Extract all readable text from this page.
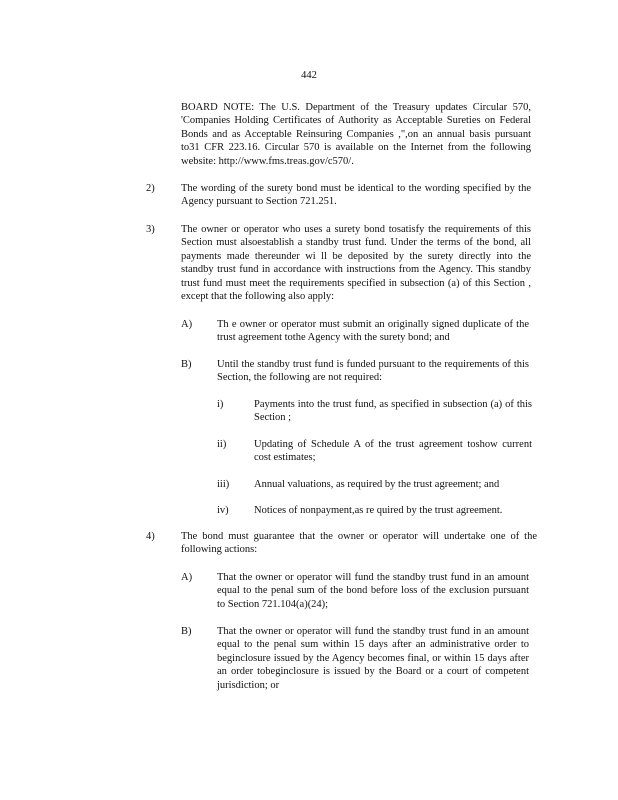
442
BOARD NOTE: The U.S. Department of the Treasury updates Circular 570, 'Companies Holding Certificates of Authority as Acceptable Sureties on Federal Bonds and as Acceptable Reinsuring Companies ,",on an annual basis pursuant to31 CFR 223.16. Circular 570 is available on the Internet from the following website: http://www.fms.treas.gov/c570/.
2)	The wording of the surety bond must be identical to the wording specified by the Agency pursuant to Section 721.251.
3)	The owner or operator who uses a surety bond tosatisfy the requirements of this Section must alsoestablish a standby trust fund. Under the terms of the bond, all payments made thereunder wi ll be deposited by the surety directly into the standby trust fund in accordance with instructions from the Agency. This standby trust fund must meet the requirements specified in subsection (a) of this Section , except that the following also apply:
A) Th e owner or operator must submit an originally signed duplicate of the trust agreement tothe Agency with the surety bond; and
B) Until the standby trust fund is funded pursuant to the requirements of this Section, the following are not required:
i)	Payments into the trust fund, as specified in subsection (a) of this Section ;
ii)	Updating of Schedule A of the trust agreement toshow current cost estimates;
iii) Annual valuations, as required by the trust agreement; and
iv) Notices of nonpayment,as re quired by the trust agreement.
4)	The bond must guarantee that the owner or operator will undertake one of the following actions:
A) That the owner or operator will fund the standby trust fund in an amount equal to the penal sum of the bond before loss of the exclusion pursuant to Section 721.104(a)(24);
B) That the owner or operator will fund the standby trust fund in an amount equal to the penal sum within 15 days after an administrative order to beginclosure issued by the Agency becomes final, or within 15 days after an order tobeginclosure is issued by the Board or a court of competent jurisdiction; or
